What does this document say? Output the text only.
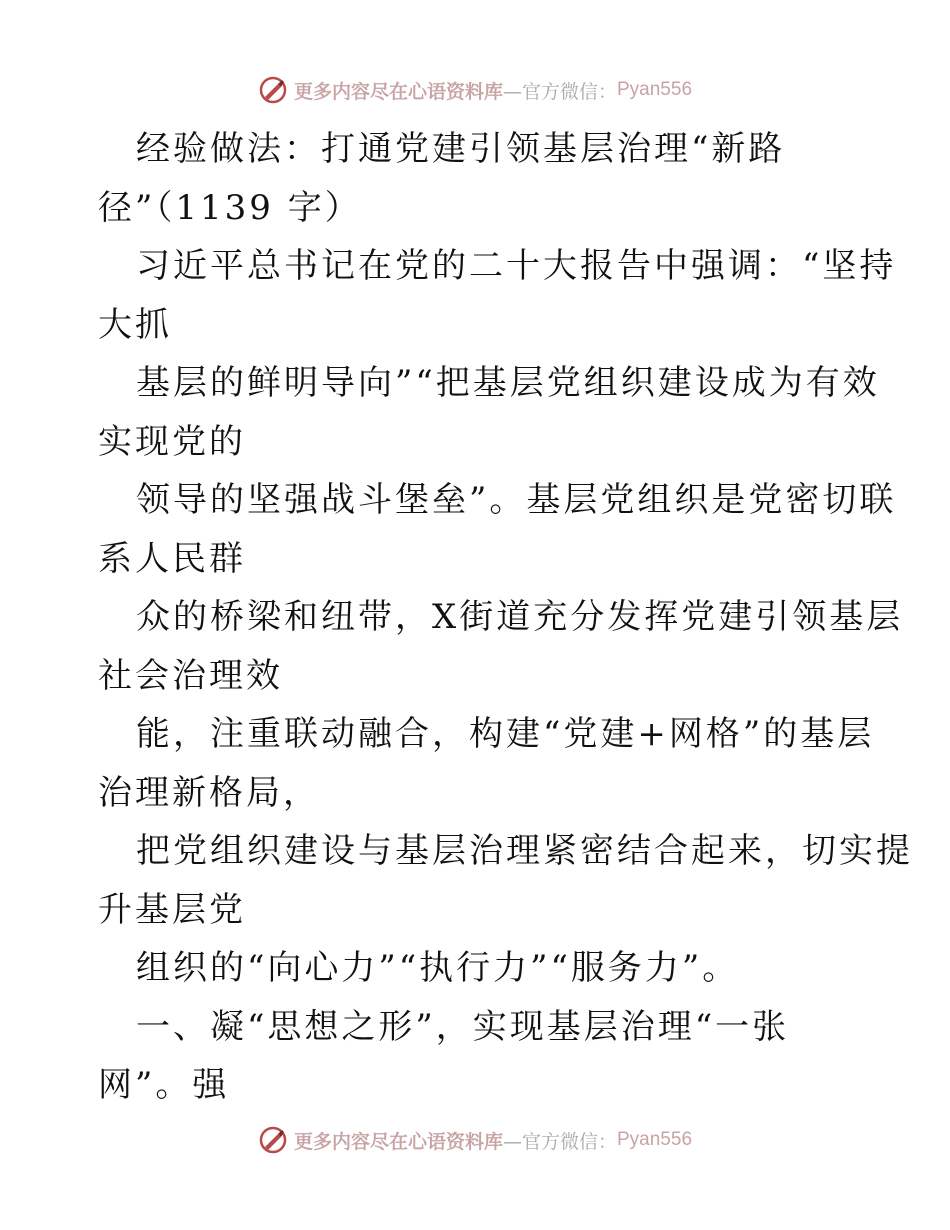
更多内容尽在心语资料库 —官方微信： Pyan556
经验做法：打通党建引领基层治理“新路
径”（1139 字）
习近平总书记在党的二十大报告中强调：“坚持
大抓
基层的鲜明导向”“把基层党组织建设成为有效
实现党的
领导的坚强战斗堡垒”。基层党组织是党密切联
系人民群
众的桥梁和纽带，X街道充分发挥党建引领基层
社会治理效
能，注重联动融合，构建“党建+网格”的基层
治理新格局，
把党组织建设与基层治理紧密结合起来，切实提
升基层党
组织的“向心力”“执行力”“服务力”。
一、凝“思想之形”，实现基层治理“一张
网”。强
更多内容尽在心语资料库 —官方微信： Pyan556
